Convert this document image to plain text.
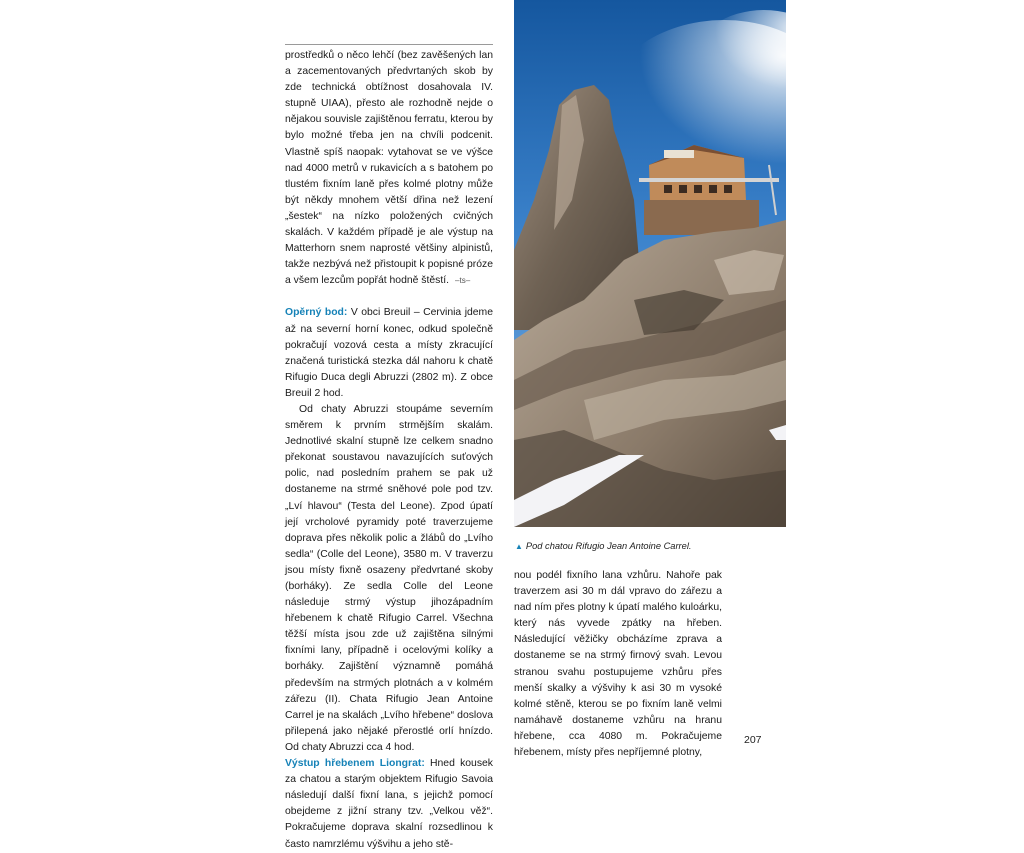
prostředků o něco lehčí (bez zavěšených lan a zacementovaných předvrtaných skob by zde technická obtížnost dosahovala IV. stupně UIAA), přesto ale rozhodně nejde o nějakou souvisle zajištěnou ferratu, kterou by bylo možné třeba jen na chvíli podcenit. Vlastně spíš naopak: vytahovat se ve výšce nad 4000 metrů v rukavicích a s batohem po tlustém fixním laně přes kolmé plotny může být někdy mnohem větší dřina než lezení „šestek“ na nízko položených cvičných skalách. V každém případě je ale výstup na Matterhorn snem naprosté většiny alpinistů, takže nezbývá než přistoupit k popisné próze a všem lezcům popřát hodně štěstí. –ts–

Opěrný bod: V obci Breuil – Cervinia jdeme až na severní horní konec, odkud společně pokračují vozová cesta a místy zkracující značená turistická stezka dál nahoru k chatě Rifugio Duca degli Abruzzi (2802 m). Z obce Breuil 2 hod.

Od chaty Abruzzi stoupáme severním směrem k prvním strmějším skalám. Jednotlivé skalní stupně lze celkem snadno překonat soustavou navazujících suťových polic, nad posledním prahem se pak už dostaneme na strmé sněhové pole pod tzv. „Lví hlavou“ (Testa del Leone). Zpod úpatí její vrcholové pyramidy poté traverzujeme doprava přes několik polic a žlábů do „Lvího sedla“ (Colle del Leone), 3580 m. V traverzu jsou místy fixně osazeny předvrtané skoby (borháky). Ze sedla Colle del Leone následuje strmý výstup jihozápadním hřebenem k chatě Rifugio Carrel. Všechna těžší místa jsou zde už zajištěna silnými fixními lany, případně i ocelovými kolíky a borháky. Zajištění významně pomáhá především na strmých plotnách a v kolmém zářezu (II). Chata Rifugio Jean Antoine Carrel je na skalách „Lvího hřebene“ doslova přilepená jako nějaké přerostlé orlí hnízdo. Od chaty Abruzzi cca 4 hod.

Výstup hřebenem Liongrat: Hned kousek za chatou a starým objektem Rifugio Savoia následují další fixní lana, s jejichž pomocí obejdeme z jižní strany tzv. „Velkou věž“. Pokračujeme doprava skalní rozsedlinou k často namrzlému výšvihu a jeho stě-

▲ Pod chatou Rifugio Jean Antoine Carrel.

nou podél fixního lana vzhůru. Nahoře pak traverzem asi 30 m dál vpravo do zářezu a nad ním přes plotny k úpatí malého kuloárku, který nás vyvede zpátky na hřeben. Následující věžičky obcházíme zprava a dostaneme se na strmý firnový svah. Levou stranou svahu postupujeme vzhůru přes menší skalky a výšvihy k asi 30 m vysoké kolmé stěně, kterou se po fixním laně velmi namáhavě dostaneme vzhůru na hranu hřebene, cca 4080 m. Pokračujeme hřebenem, místy přes nepříjemné plotny,

207
